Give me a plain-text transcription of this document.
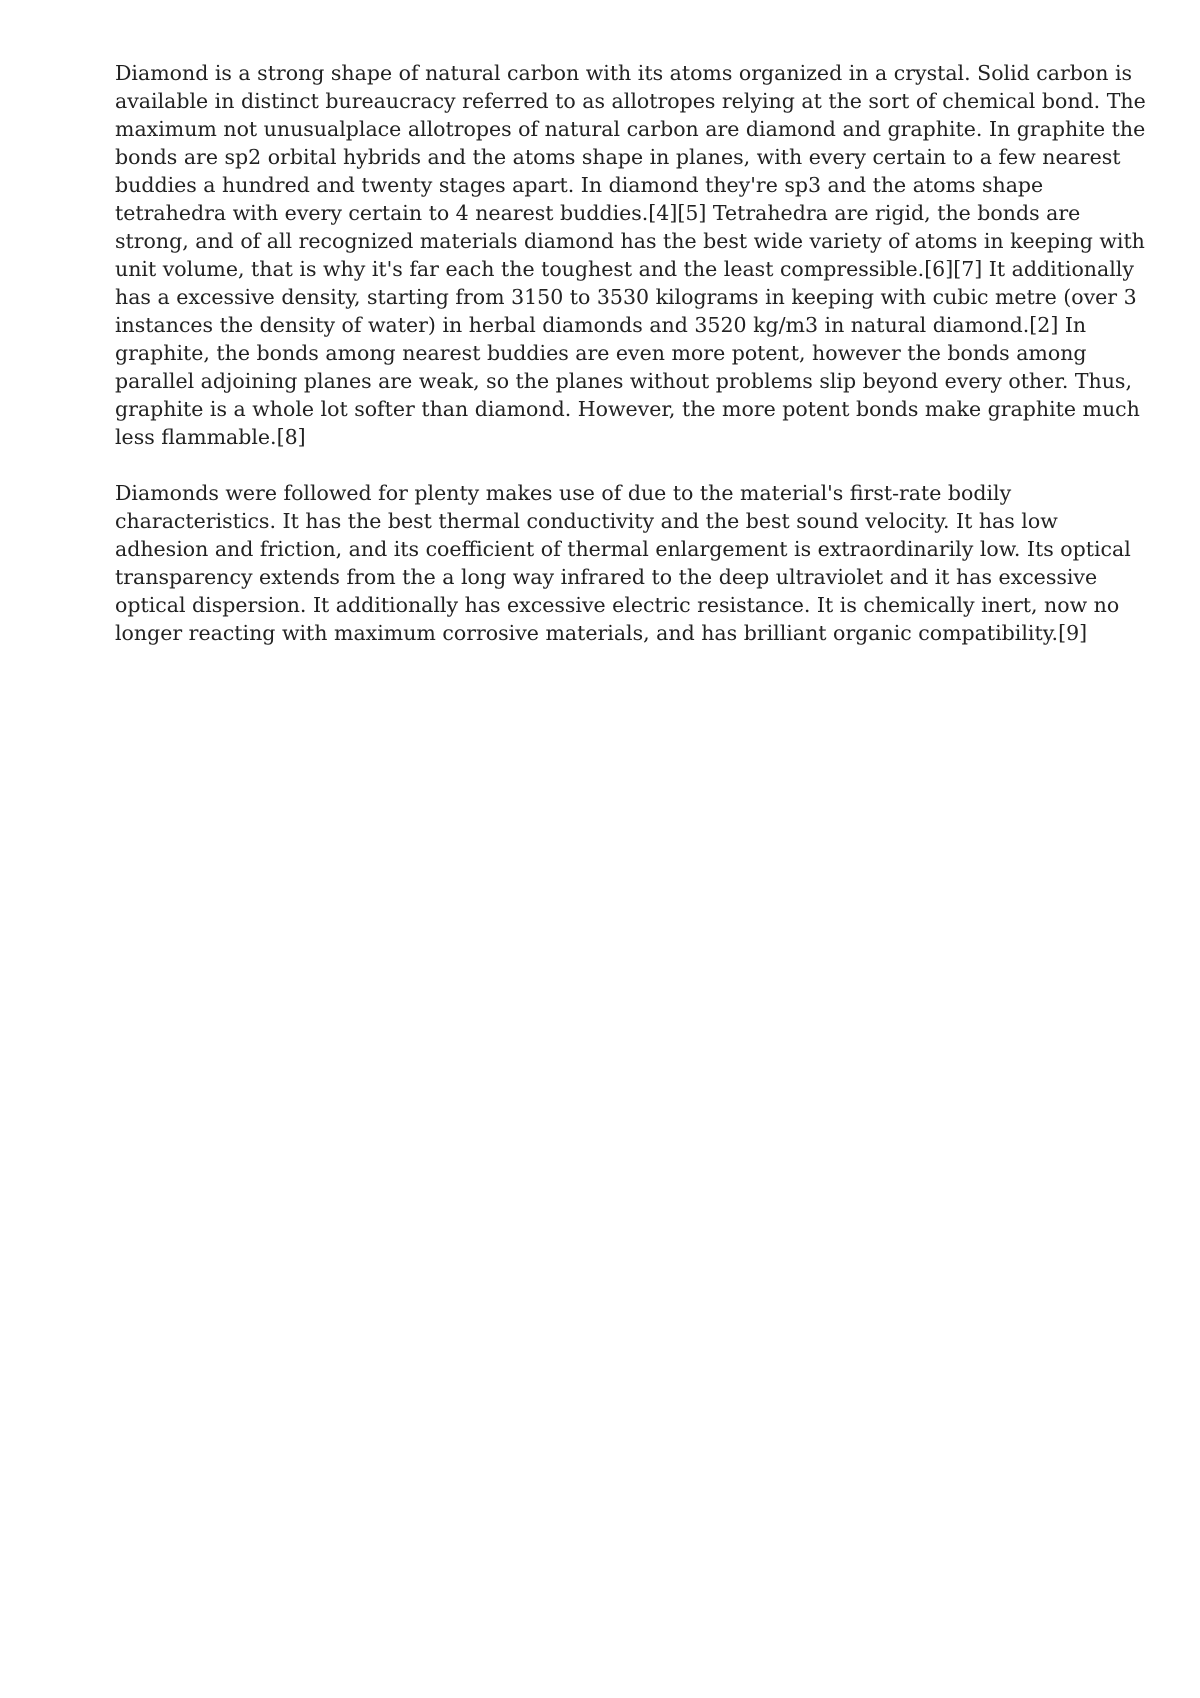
Diamond is a strong shape of natural carbon with its atoms organized in a crystal. Solid carbon is available in distinct bureaucracy referred to as allotropes relying at the sort of chemical bond. The maximum not unusualplace allotropes of natural carbon are diamond and graphite. In graphite the bonds are sp2 orbital hybrids and the atoms shape in planes, with every certain to a few nearest buddies a hundred and twenty stages apart. In diamond they're sp3 and the atoms shape tetrahedra with every certain to 4 nearest buddies.[4][5] Tetrahedra are rigid, the bonds are strong, and of all recognized materials diamond has the best wide variety of atoms in keeping with unit volume, that is why it's far each the toughest and the least compressible.[6][7] It additionally has a excessive density, starting from 3150 to 3530 kilograms in keeping with cubic metre (over 3 instances the density of water) in herbal diamonds and 3520 kg/m3 in natural diamond.[2] In graphite, the bonds among nearest buddies are even more potent, however the bonds among parallel adjoining planes are weak, so the planes without problems slip beyond every other. Thus, graphite is a whole lot softer than diamond. However, the more potent bonds make graphite much less flammable.[8]

Diamonds were followed for plenty makes use of due to the material's first-rate bodily characteristics. It has the best thermal conductivity and the best sound velocity. It has low adhesion and friction, and its coefficient of thermal enlargement is extraordinarily low. Its optical transparency extends from the a long way infrared to the deep ultraviolet and it has excessive optical dispersion. It additionally has excessive electric resistance. It is chemically inert, now no longer reacting with maximum corrosive materials, and has brilliant organic compatibility.[9]
